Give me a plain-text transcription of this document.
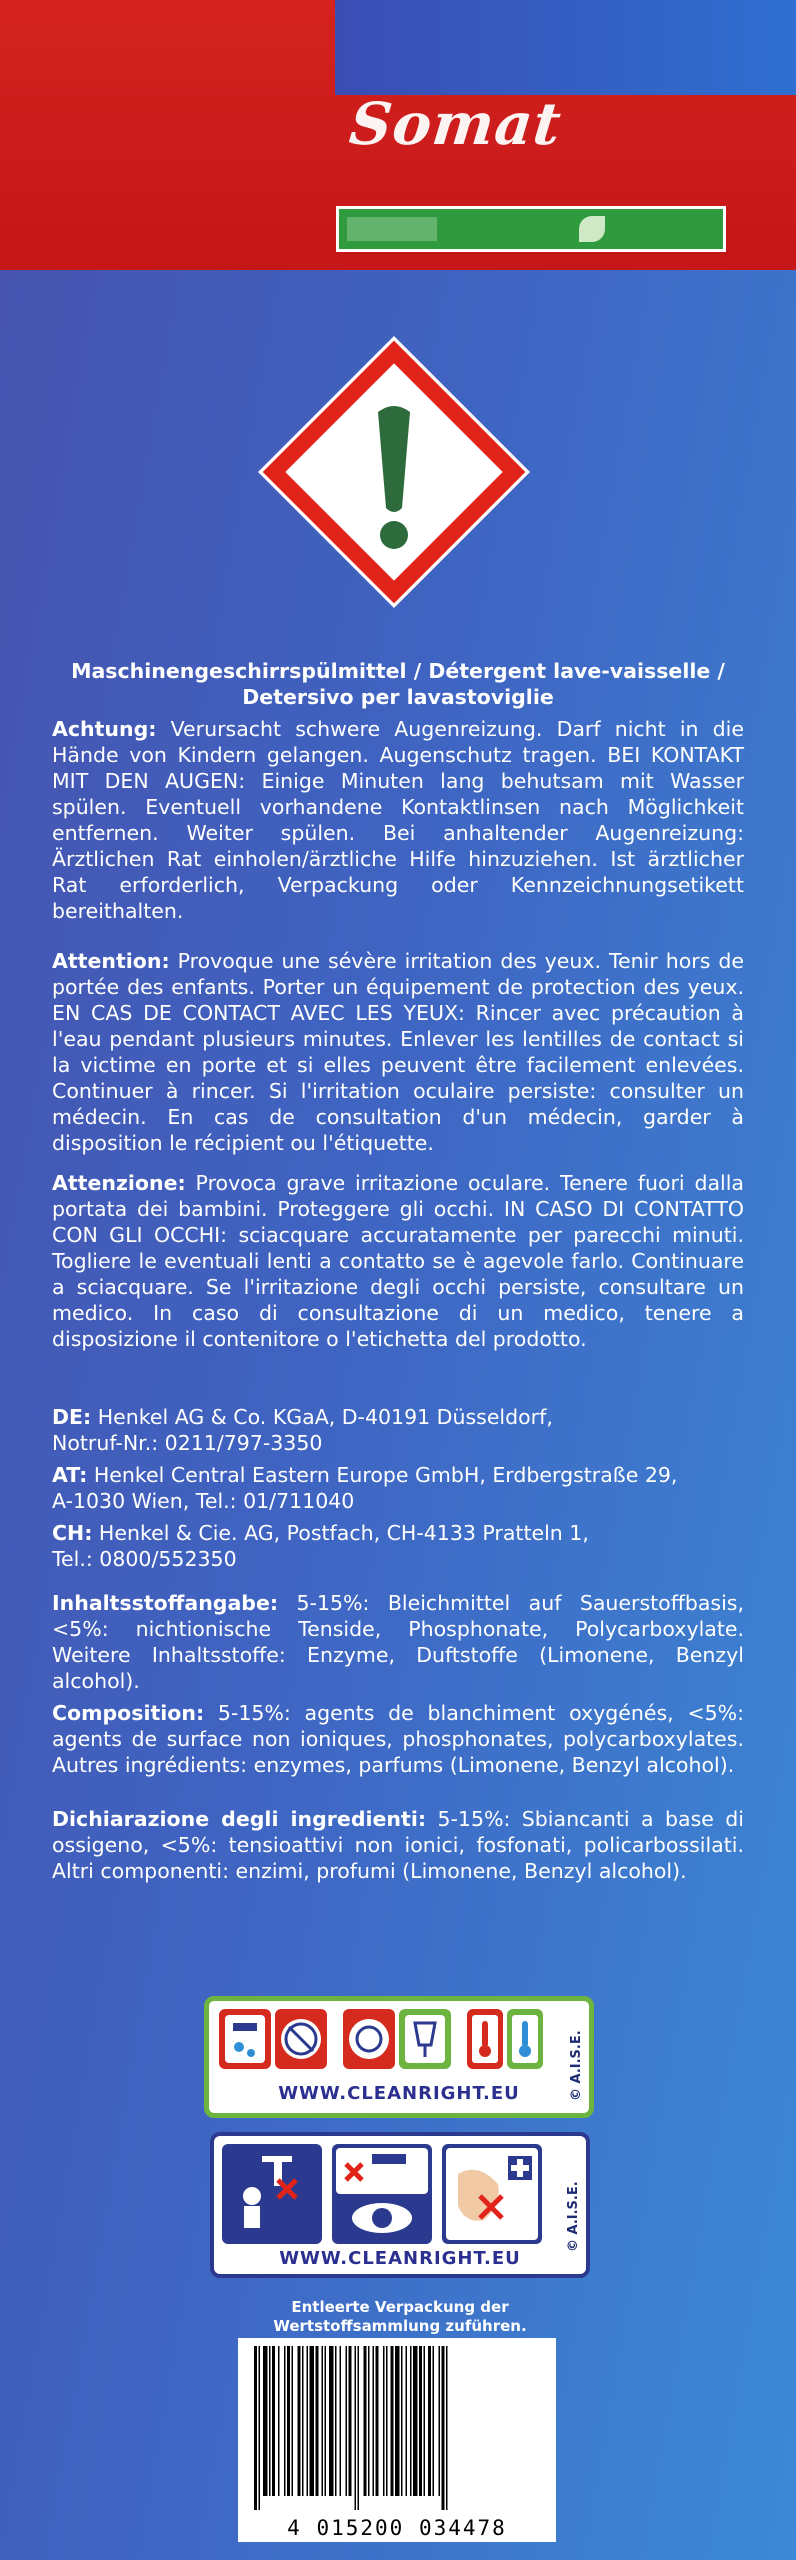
Somat
Maschinengeschirrspülmittel / Détergent lave-vaisselle / Detersivo per lavastoviglie
Achtung: Verursacht schwere Augenreizung. Darf nicht in die Hände von Kindern gelangen. Augenschutz tragen. BEI KONTAKT MIT DEN AUGEN: Einige Minuten lang behutsam mit Wasser spülen. Eventuell vorhandene Kontaktlinsen nach Möglichkeit entfernen. Weiter spülen. Bei anhaltender Augenreizung: Ärztlichen Rat einholen/ärztliche Hilfe hinzuziehen. Ist ärztlicher Rat erforderlich, Verpackung oder Kennzeichnungsetikett bereithalten.
Attention: Provoque une sévère irritation des yeux. Tenir hors de portée des enfants. Porter un équipement de protection des yeux. EN CAS DE CONTACT AVEC LES YEUX: Rincer avec précaution à l'eau pendant plusieurs minutes. Enlever les lentilles de contact si la victime en porte et si elles peuvent être facilement enlevées. Continuer à rincer. Si l'irritation oculaire persiste: consulter un médecin. En cas de consultation d'un médecin, garder à disposition le récipient ou l'étiquette.
Attenzione: Provoca grave irritazione oculare. Tenere fuori dalla portata dei bambini. Proteggere gli occhi. IN CASO DI CONTATTO CON GLI OCCHI: sciacquare accuratamente per parecchi minuti. Togliere le eventuali lenti a contatto se è agevole farlo. Continuare a sciacquare. Se l'irritazione degli occhi persiste, consultare un medico. In caso di consultazione di un medico, tenere a disposizione il contenitore o l'etichetta del prodotto.
DE: Henkel AG & Co. KGaA, D-40191 Düsseldorf,
Notruf-Nr.: 0211/797-3350
AT: Henkel Central Eastern Europe GmbH, Erdbergstraße 29,
A-1030 Wien, Tel.: 01/711040
CH: Henkel & Cie. AG, Postfach, CH-4133 Pratteln 1,
Tel.: 0800/552350
Inhaltsstoffangabe: 5-15%: Bleichmittel auf Sauerstoffbasis, <5%: nichtionische Tenside, Phosphonate, Polycarboxylate. Weitere Inhaltsstoffe: Enzyme, Duftstoffe (Limonene, Benzyl alcohol).
Composition: 5-15%: agents de blanchiment oxygénés, <5%: agents de surface non ioniques, phosphonates, polycarboxylates. Autres ingrédients: enzymes, parfums (Limonene, Benzyl alcohol).
Dichiarazione degli ingredienti: 5-15%: Sbiancanti a base di ossigeno, <5%: tensioattivi non ionici, fosfonati, policarbossilati. Altri componenti: enzimi, profumi (Limonene, Benzyl alcohol).
WWW.CLEANRIGHT.EU	© A.I.S.E.
WWW.CLEANRIGHT.EU
© A.I.S.E.
Entleerte Verpackung der
Wertstoffsammlung zuführen.
4 015200 034478
